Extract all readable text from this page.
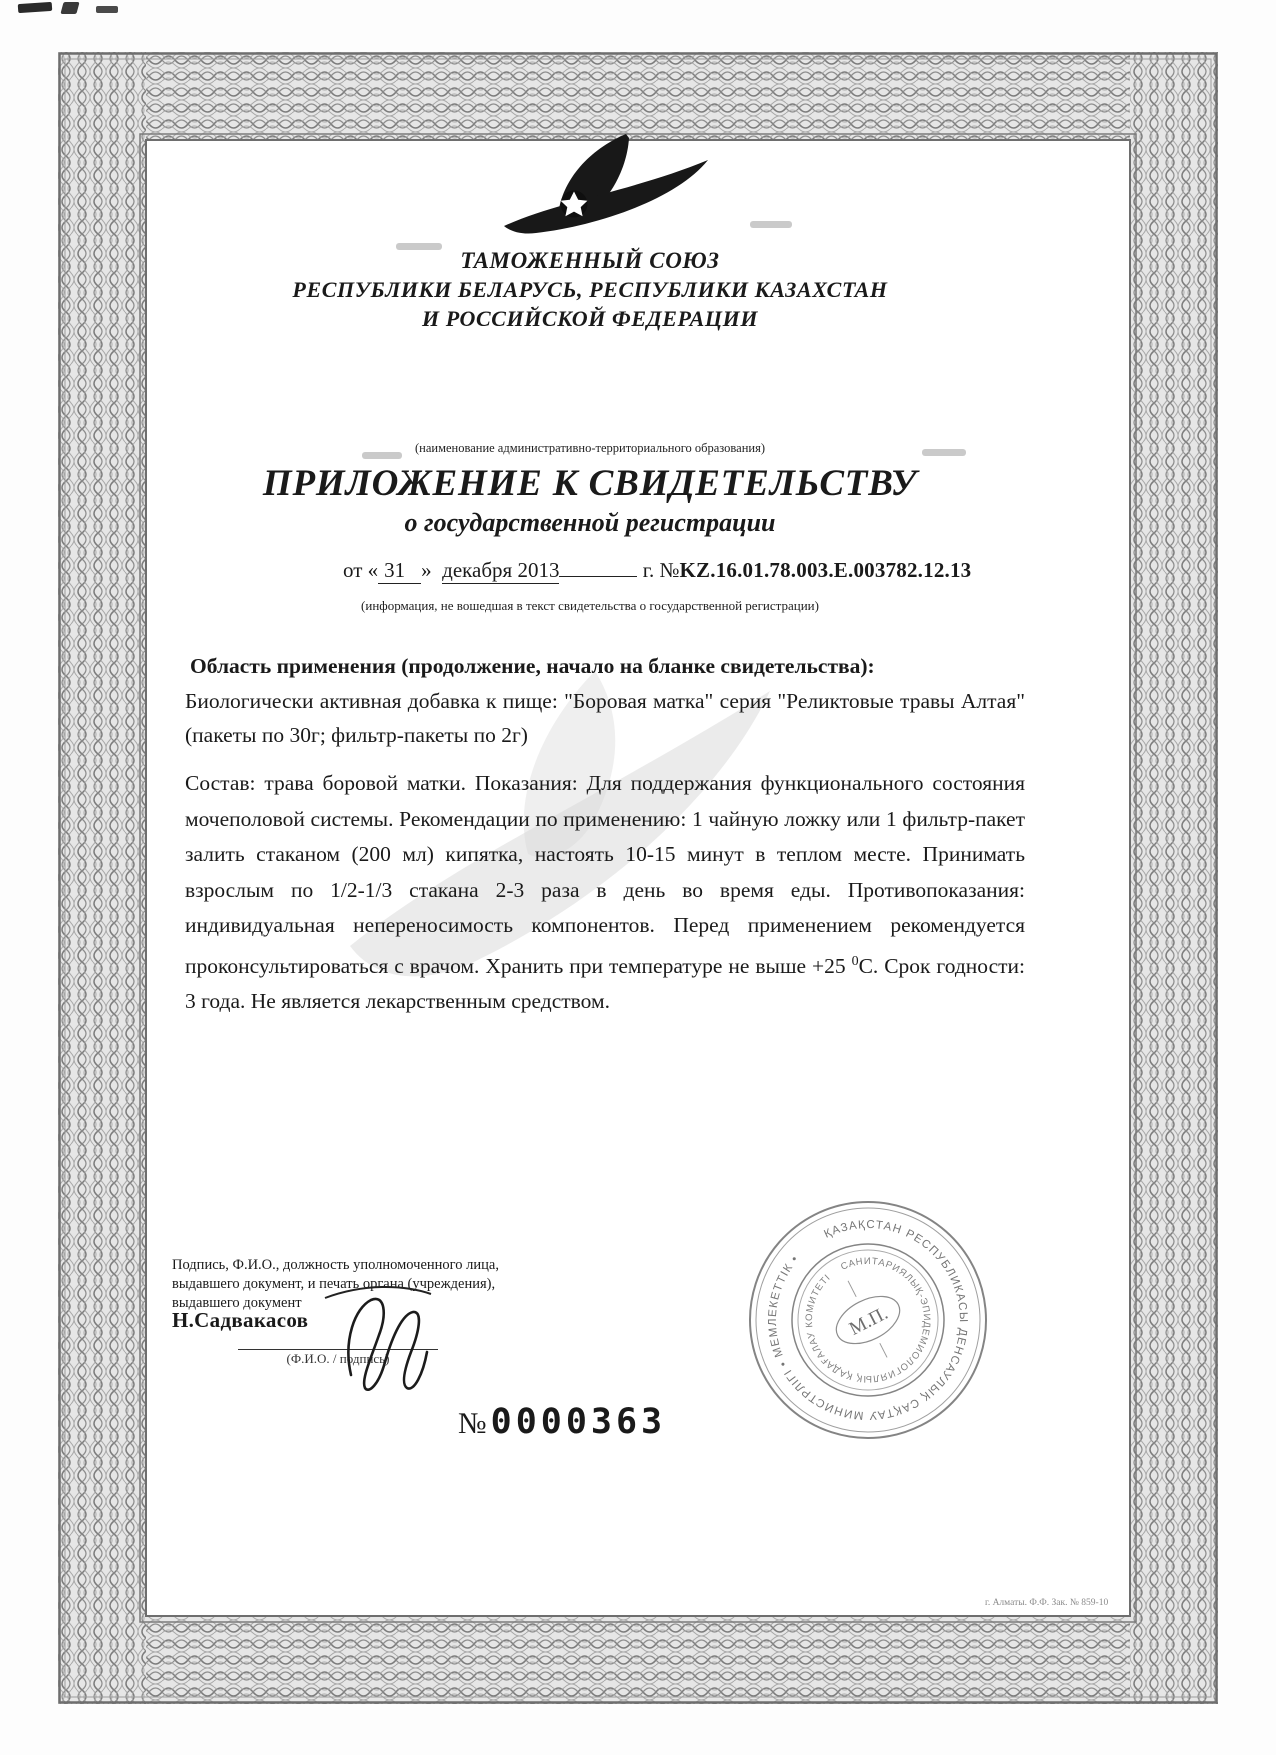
ТАМОЖЕННЫЙ СОЮЗ
РЕСПУБЛИКИ БЕЛАРУСЬ, РЕСПУБЛИКИ КАЗАХСТАН
И РОССИЙСКОЙ ФЕДЕРАЦИИ
(наименование административно-территориального образования)
ПРИЛОЖЕНИЕ К СВИДЕТЕЛЬСТВУ
о государственной регистрации
от « 31 » декабря 2013	г. №KZ.16.01.78.003.E.003782.12.13
(информация, не вошедшая в текст свидетельства о государственной регистрации)
Область применения (продолжение, начало на бланке свидетельства):
Биологически активная добавка к пище: "Боровая матка" серия "Реликтовые травы Алтая" (пакеты по 30г; фильтр-пакеты по 2г)
Состав: трава боровой матки. Показания: Для поддержания функционального состояния мочеполовой системы. Рекомендации по применению: 1 чайную ложку или 1 фильтр-пакет залить стаканом (200 мл) кипятка, настоять 10-15 минут в теплом месте. Принимать взрослым по 1/2-1/3 стакана 2-3 раза в день во время еды. Противопоказания: индивидуальная непереносимость компонентов. Перед применением рекомендуется проконсультироваться с врачом. Хранить при температуре не выше +25 $^0$С. Срок годности: 3 года. Не является лекарственным средством.
Подпись, Ф.И.О., должность уполномоченного лица,
выдавшего документ, и печать органа (учреждения),
выдавшего документ
Н.Садвакасов
(Ф.И.О. / подпись)
ҚАЗАҚСТАН РЕСПУБЛИКАСЫ ДЕНСАУЛЫҚ САҚТАУ МИНИСТРЛІГІ • МЕМЛЕКЕТТІК •
САНИТАРИЯЛЫҚ-ЭПИДЕМИОЛОГИЯЛЫҚ ҚАДАҒАЛАУ КОМИТЕТІ
М.П.
№ 0000363
г. Алматы. Ф.Ф. Зак. № 859-10
